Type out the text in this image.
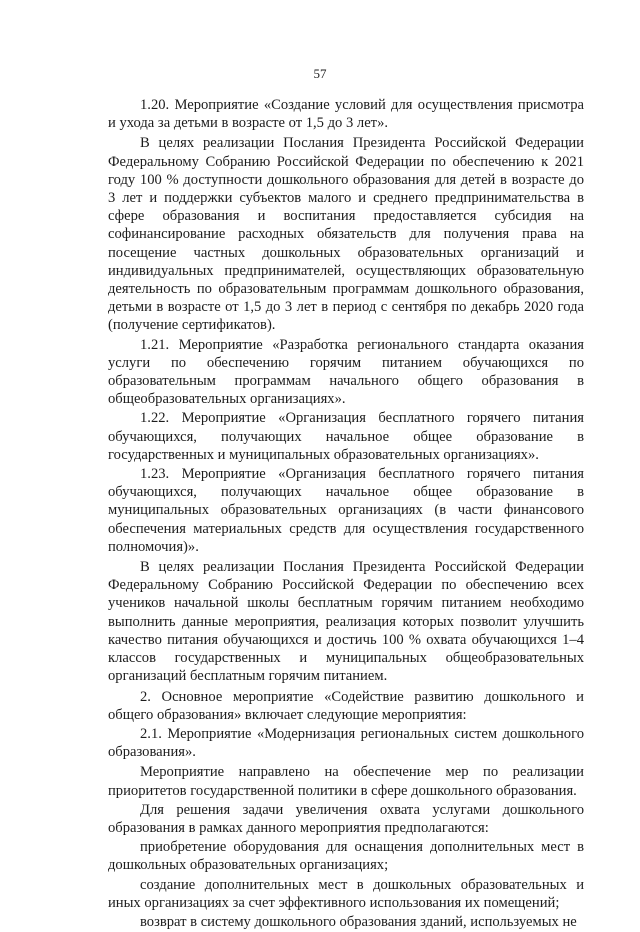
57

1.20. Мероприятие «Создание условий для осуществления присмотра и ухода за детьми в возрасте от 1,5 до 3 лет».

В целях реализации Послания Президента Российской Федерации Федеральному Собранию Российской Федерации по обеспечению к 2021 году 100 % доступности дошкольного образования для детей в возрасте до 3 лет и поддержки субъектов малого и среднего предпринимательства в сфере образования и воспитания предоставляется субсидия на софинансирование расходных обязательств для получения права на посещение частных дошкольных образовательных организаций и индивидуальных предпринимателей, осуществляющих образовательную деятельность по образовательным программам дошкольного образования, детьми в возрасте от 1,5 до 3 лет в период с сентября по декабрь 2020 года (получение сертификатов).

1.21. Мероприятие «Разработка регионального стандарта оказания услуги по обеспечению горячим питанием обучающихся по образовательным программам начального общего образования в общеобразовательных организациях».

1.22. Мероприятие «Организация бесплатного горячего питания обучающихся, получающих начальное общее образование в государственных и муниципальных образовательных организациях».

1.23. Мероприятие «Организация бесплатного горячего питания обучающихся, получающих начальное общее образование в муниципальных образовательных организациях (в части финансового обеспечения материальных средств для осуществления государственного полномочия)».

В целях реализации Послания Президента Российской Федерации Федеральному Собранию Российской Федерации по обеспечению всех учеников начальной школы бесплатным горячим питанием необходимо выполнить данные мероприятия, реализация которых позволит улучшить качество питания обучающихся и достичь 100 % охвата обучающихся 1–4 классов государственных и муниципальных общеобразовательных организаций бесплатным горячим питанием.

2. Основное мероприятие «Содействие развитию дошкольного и общего образования» включает следующие мероприятия:

2.1. Мероприятие «Модернизация региональных систем дошкольного образования».

Мероприятие направлено на обеспечение мер по реализации приоритетов государственной политики в сфере дошкольного образования.

Для решения задачи увеличения охвата услугами дошкольного образования в рамках данного мероприятия предполагаются:

приобретение оборудования для оснащения дополнительных мест в дошкольных образовательных организациях;

создание дополнительных мест в дошкольных образовательных и иных организациях за счет эффективного использования их помещений;

возврат в систему дошкольного образования зданий, используемых не
